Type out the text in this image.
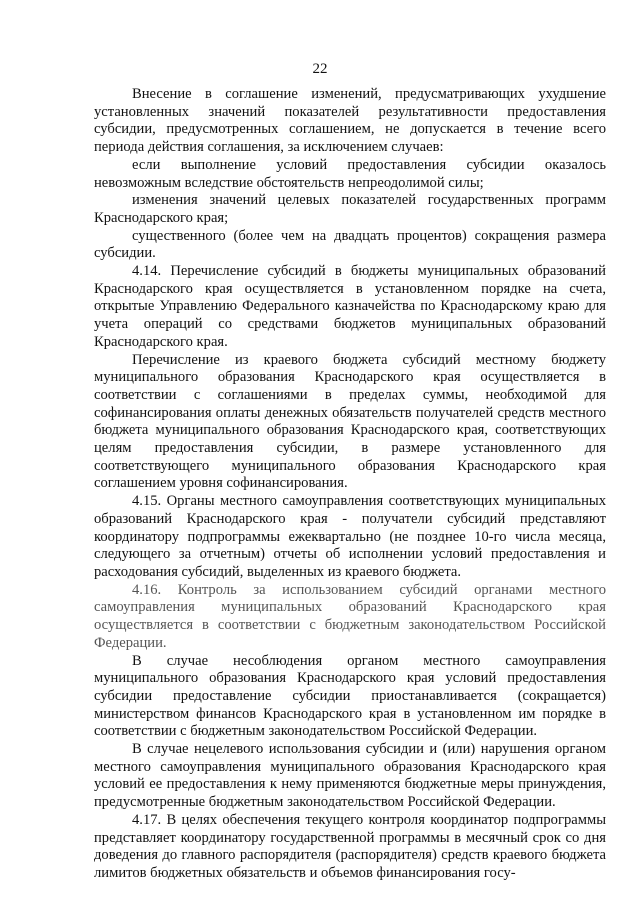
22

Внесение в соглашение изменений, предусматривающих ухудшение установленных значений показателей результативности предоставления субсидии, предусмотренных соглашением, не допускается в течение всего периода действия соглашения, за исключением случаев:

если выполнение условий предоставления субсидии оказалось невозможным вследствие обстоятельств непреодолимой силы;

изменения значений целевых показателей государственных программ Краснодарского края;

существенного (более чем на двадцать процентов) сокращения размера субсидии.

4.14. Перечисление субсидий в бюджеты муниципальных образований Краснодарского края осуществляется в установленном порядке на счета, открытые Управлению Федерального казначейства по Краснодарскому краю для учета операций со средствами бюджетов муниципальных образований Краснодарского края.

Перечисление из краевого бюджета субсидий местному бюджету муниципального образования Краснодарского края осуществляется в соответствии с соглашениями в пределах суммы, необходимой для софинансирования оплаты денежных обязательств получателей средств местного бюджета муниципального образования Краснодарского края, соответствующих целям предоставления субсидии, в размере установленного для соответствующего муниципального образования Краснодарского края соглашением уровня софинансирования.

4.15. Органы местного самоуправления соответствующих муниципальных образований Краснодарского края - получатели субсидий представляют координатору подпрограммы ежеквартально (не позднее 10-го числа месяца, следующего за отчетным) отчеты об исполнении условий предоставления и расходования субсидий, выделенных из краевого бюджета.

4.16. Контроль за использованием субсидий органами местного самоуправления муниципальных образований Краснодарского края осуществляется в соответствии с бюджетным законодательством Российской Федерации.

В случае несоблюдения органом местного самоуправления муниципального образования Краснодарского края условий предоставления субсидии предоставление субсидии приостанавливается (сокращается) министерством финансов Краснодарского края в установленном им порядке в соответствии с бюджетным законодательством Российской Федерации.

В случае нецелевого использования субсидии и (или) нарушения органом местного самоуправления муниципального образования Краснодарского края условий ее предоставления к нему применяются бюджетные меры принуждения, предусмотренные бюджетным законодательством Российской Федерации.

4.17. В целях обеспечения текущего контроля координатор подпрограммы представляет координатору государственной программы в месячный срок со дня доведения до главного распорядителя (распорядителя) средств краевого бюджета лимитов бюджетных обязательств и объемов финансирования госу-
